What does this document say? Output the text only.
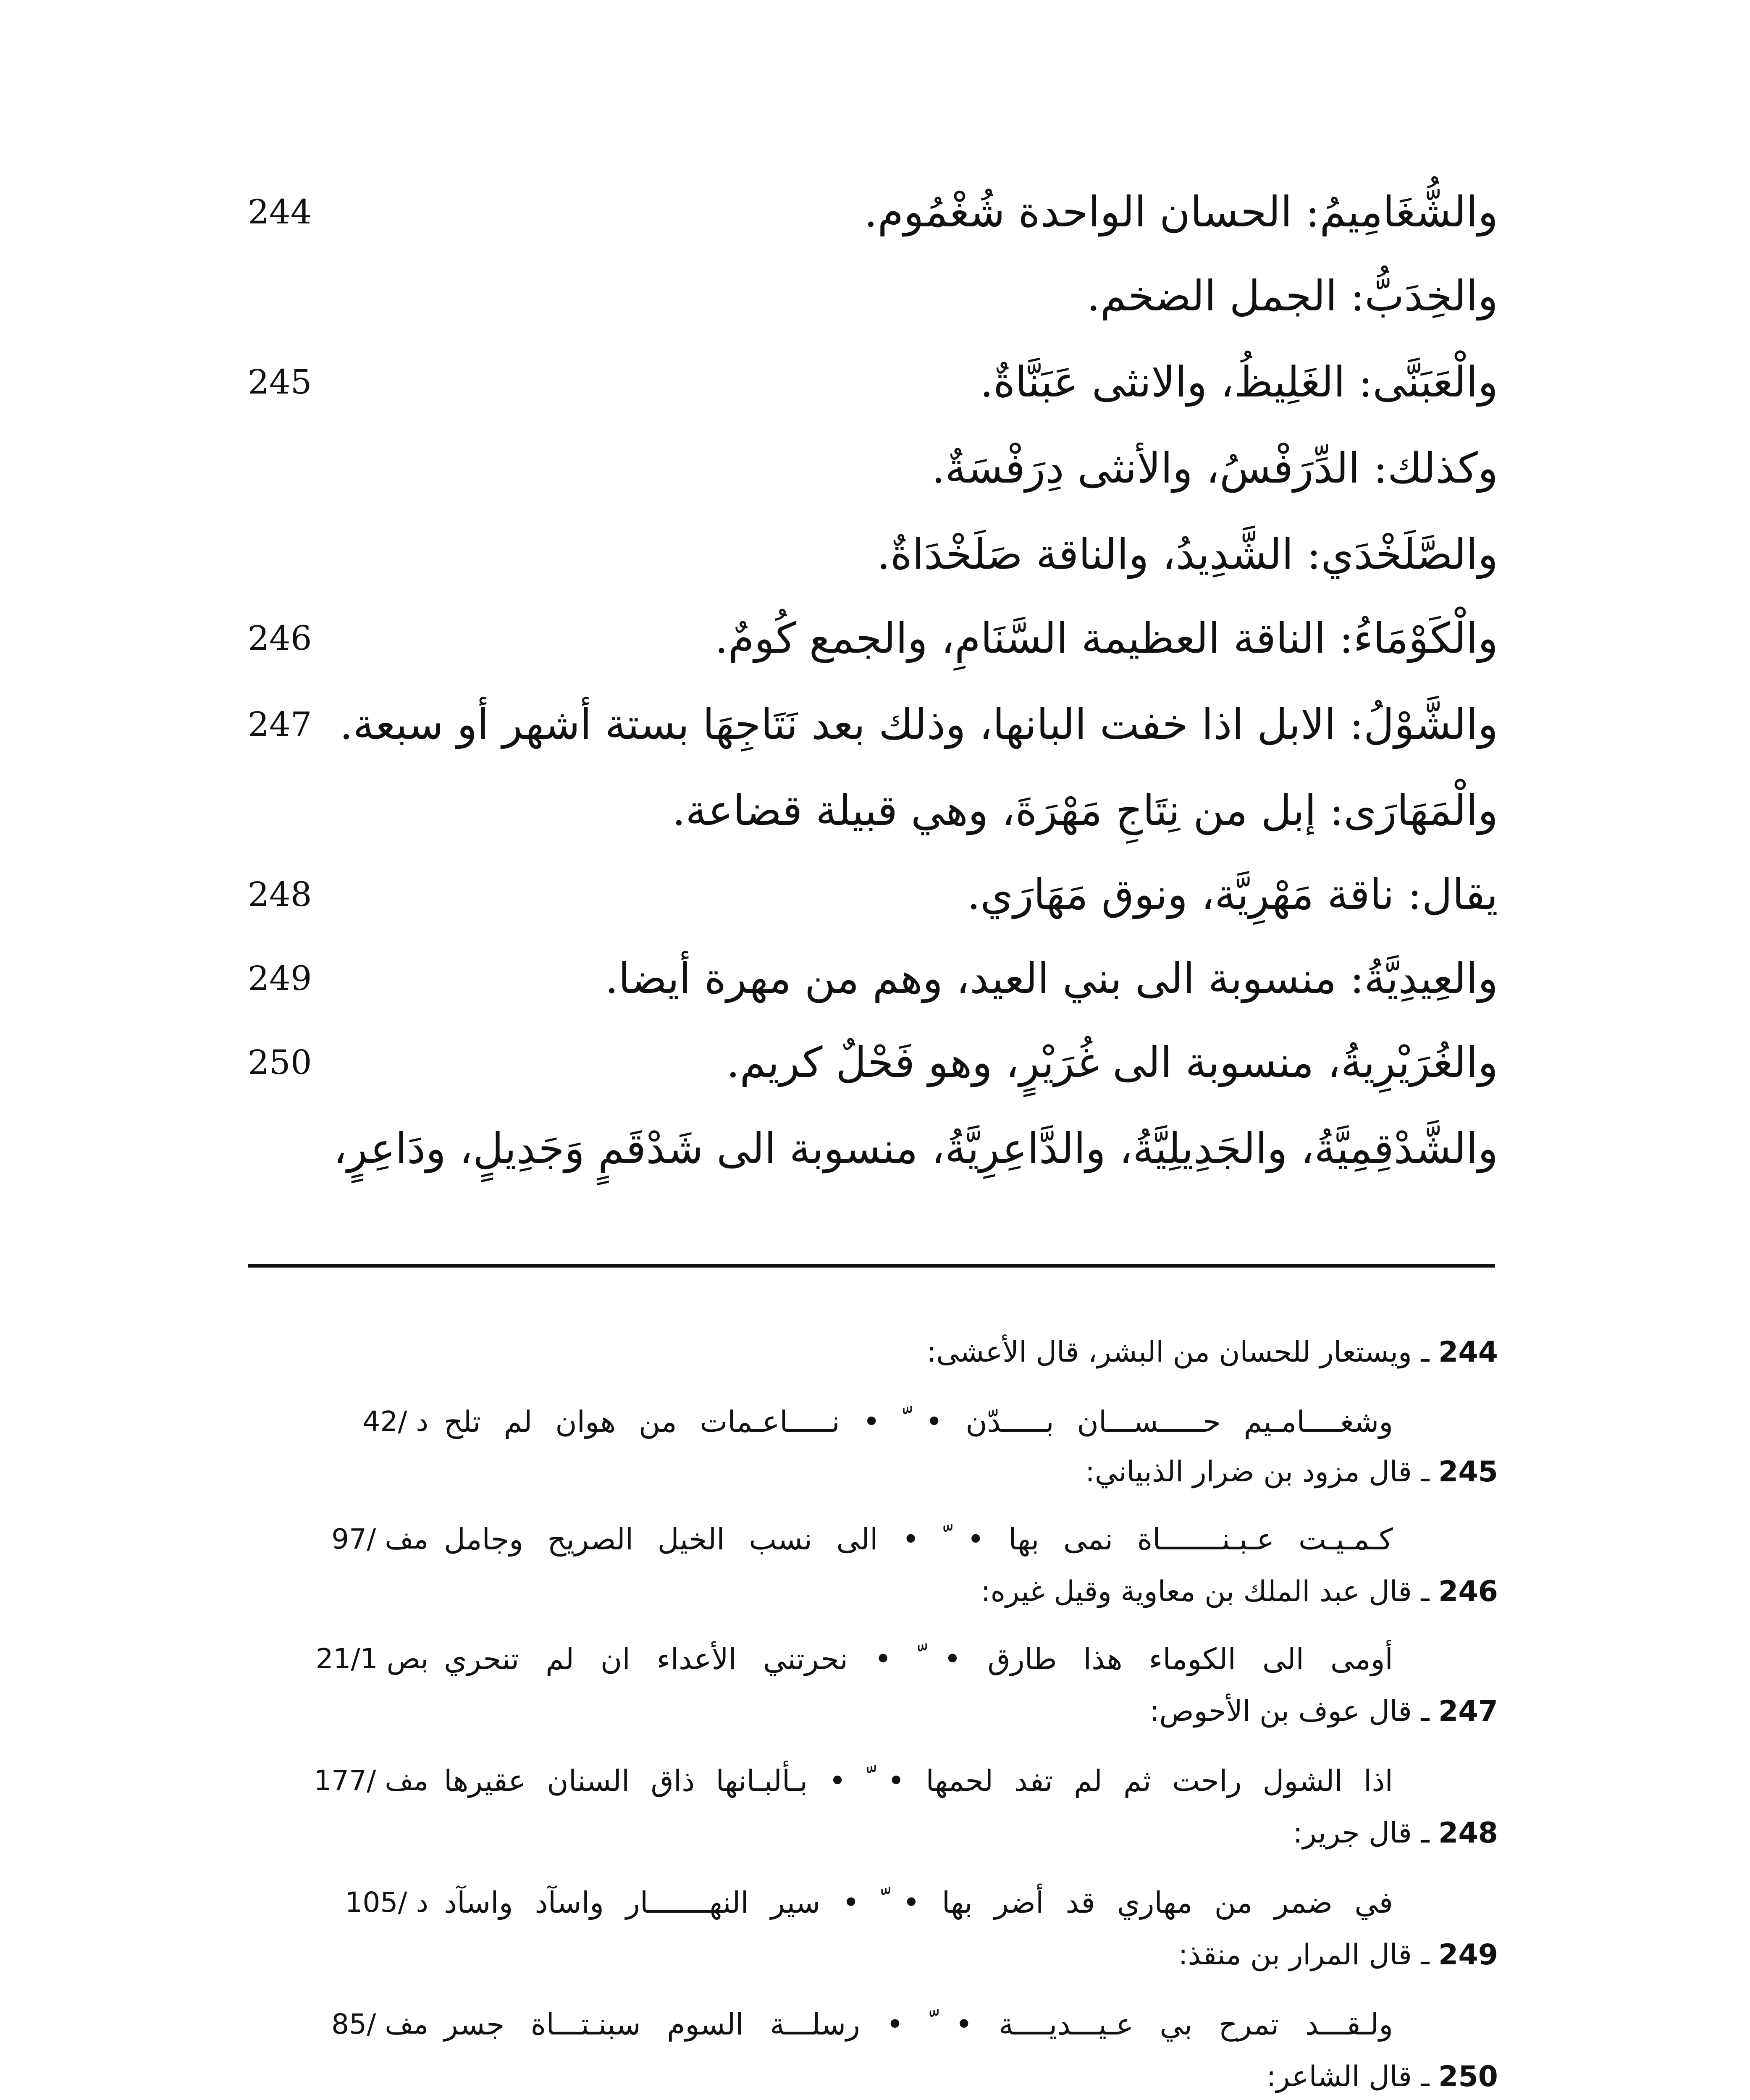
والشُّغَامِيمُ: الحسان الواحدة شُغْمُوم.
244
والخِدَبُّ: الجمل الضخم.
والْعَبَنَّى: الغَلِيظُ، والانثى عَبَنَّاةٌ.
245
وكذلك: الدِّرَفْسُ، والأنثى دِرَفْسَةٌ.
والصَّلَخْدَي: الشَّدِيدُ، والناقة صَلَخْدَاةٌ.
والْكَوْمَاءُ: الناقة العظيمة السَّنَامِ، والجمع كُومٌ.
246
والشَّوْلُ: الابل اذا خفت البانها، وذلك بعد نَتَاجِهَا بستة أشهر أو سبعة.
247
والْمَهَارَى: إبل من نِتَاجِ مَهْرَةَ، وهي قبيلة قضاعة.
يقال: ناقة مَهْرِيَّة، ونوق مَهَارَي.
248
والعِيدِيَّةُ: منسوبة الى بني العيد، وهم من مهرة أيضا.
249
والغُرَيْرِيةُ، منسوبة الى غُرَيْرٍ، وهو فَحْلٌ كريم.
250
والشَّدْقِمِيَّةُ، والجَدِيلِيَّةُ، والدَّاعِرِيَّةُ، منسوبة الى شَدْقَمٍ وَجَدِيلٍ، ودَاعِرٍ،
244 ـ ويستعار للحسان من البشر، قال الأعشى:
وشغــــامـيم حـــــســـان بـــــدّن • ّ • نـــــاعـمات من هوان لم تلح
د /42
245 ـ قال مزود بن ضرار الذبياني:
كـمـيـت عـبـنـــــــاة نمى بها • ّ • الى نسب الخيل الصريح وجامل
مف /97
246 ـ قال عبد الملك بن معاوية وقيل غيره:
أومى الى الكوماء هذا طارق • ّ • نحرتني الأعداء ان لم تنحري
بص 21/1
247 ـ قال عوف بن الأحوص:
اذا الشول راحت ثم لم تفد لحمها • ّ • بـألبـانها ذاق السنان عقيرها
مف /177
248 ـ قال جرير:
في ضمر من مهاري قد أضر بها • ّ • سير النهـــــــار واسآد واسآد
د /105
249 ـ قال المرار بن منقذ:
ولـقـــد تمرح بي عـيـــديــــة • ّ • رسلـــة السوم سبنـتـــاة جسر
مف /85
250 ـ قال الشاعر:
